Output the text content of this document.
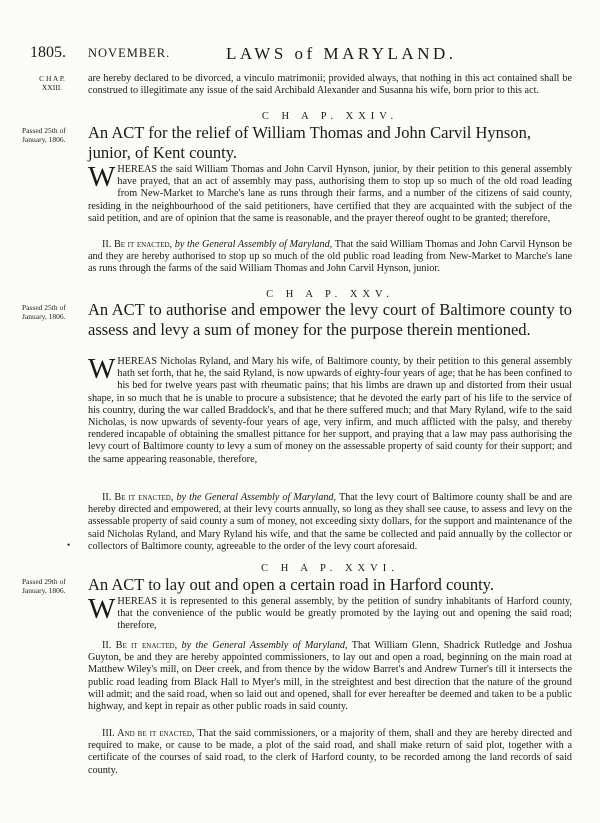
1805. NOVEMBER.	LAWS of MARYLAND.
C H A P.
XXIII.

are hereby declared to be divorced, a vinculo matrimonii; provided always, that nothing in this act contained shall be construed to illegitimate any issue of the said Archibald Alexander and Susanna his wife, born prior to this act.

C H A P. XXIV.
Passed 25th of
January, 1806.	An ACT for the relief of William Thomas and John Carvil Hynson, junior, of Kent county.
WHEREAS the said William Thomas and John Carvil Hynson, junior, by their petition to this general assembly have prayed, that an act of assembly may pass, authorising them to stop up so much of the old road leading from New-Market to Marche's lane as runs through their farms, and a number of the citizens of said county, residing in the neighbourhood of the said petitioners, have certified that they are acquainted with the subject of the said petition, and are of opinion that the same is reasonable, and the prayer thereof ought to be granted; therefore,
II. Be it enacted, by the General Assembly of Maryland, That the said William Thomas and John Carvil Hynson be and they are hereby authorised to stop up so much of the old public road leading from New-Market to Marche's lane as runs through the farms of the said William Thomas and John Carvil Hynson, junior.
C H A P. XXV.
Passed 25th of
January, 1806.	An ACT to authorise and empower the levy court of Baltimore county to assess and levy a sum of money for the purpose therein mentioned.
WHEREAS Nicholas Ryland, and Mary his wife, of Baltimore county, by their petition to this general assembly hath set forth, that he, the said Ryland, is now upwards of eighty-four years of age; that he has been confined to his bed for twelve years past with rheumatic pains; that his limbs are drawn up and distorted from their usual shape, in so much that he is unable to procure a subsistence; that he devoted the early part of his life to the service of his country, during the war called Braddock's, and that he there suffered much; and that Mary Ryland, wife to the said Nicholas, is now upwards of seventy-four years of age, very infirm, and much afflicted with the palsy, and thereby rendered incapable of obtaining the smallest pittance for her support, and praying that a law may pass authorising the levy court of Baltimore county to levy a sum of money on the assessable property of said county for their support; and the same appearing reasonable, therefore,
II. Be it enacted, by the General Assembly of Maryland, That the levy court of Baltimore county shall be and are hereby directed and empowered, at their levy courts annually, so long as they shall see cause, to assess and levy on the assessable property of said county a sum of money, not exceeding sixty dollars, for the support and maintenance of the said Nicholas Ryland, and Mary Ryland his wife, and that the same be collected and paid annually by the collector or collectors of Baltimore county, agreeable to the order of the levy court aforesaid.
•
C H A P. XXVI.
Passed 29th of
January, 1806.	An ACT to lay out and open a certain road in Harford county.
WHEREAS it is represented to this general assembly, by the petition of sundry inhabitants of Harford county, that the convenience of the public would be greatly promoted by the laying out and opening the said road; therefore,
II. Be it enacted, by the General Assembly of Maryland, That William Glenn, Shadrick Rutledge and Joshua Guyton, be and they are hereby appointed commissioners, to lay out and open a road, beginning on the main road at Matthew Wiley's mill, on Deer creek, and from thence by the widow Barret's and Andrew Turner's till it intersects the public road leading from Black Hall to Myer's mill, in the streightest and best direction that the nature of the ground will admit; and the said road, when so laid out and opened, shall for ever hereafter be deemed and taken to be a public highway, and kept in repair as other public roads in said county.
III. And be it enacted, That the said commissioners, or a majority of them, shall and they are hereby directed and required to make, or cause to be made, a plot of the said road, and shall make return of said plot, together with a certificate of the courses of said road, to the clerk of Harford county, to be recorded among the land records of said county.
